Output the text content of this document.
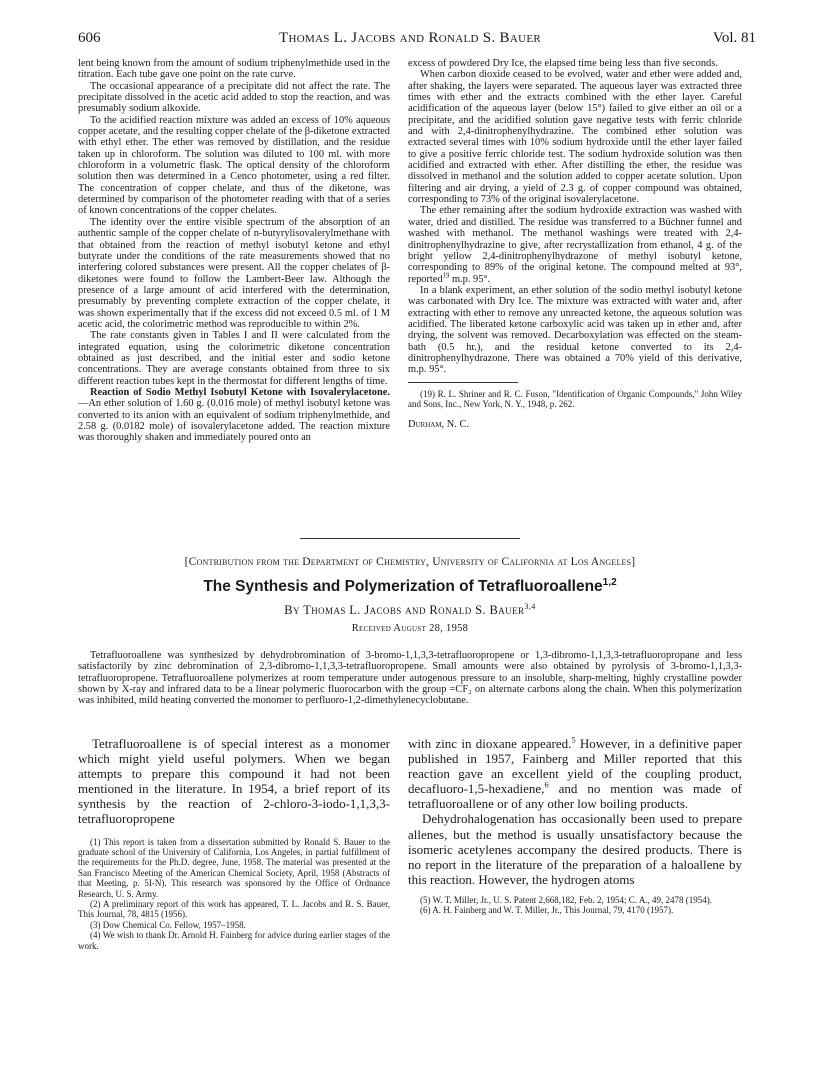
606	Thomas L. Jacobs and Ronald S. Bauer	Vol. 81

lent being known from the amount of sodium triphenylmethide used in the titration. Each tube gave one point on the rate curve.

The occasional appearance of a precipitate did not affect the rate. The precipitate dissolved in the acetic acid added to stop the reaction, and was presumably sodium alkoxide.

To the acidified reaction mixture was added an excess of 10% aqueous copper acetate, and the resulting copper chelate of the β-diketone extracted with ethyl ether. The ether was removed by distillation, and the residue taken up in chloroform. The solution was diluted to 100 ml. with more chloroform in a volumetric flask. The optical density of the chloroform solution then was determined in a Cenco photometer, using a red filter. The concentration of copper chelate, and thus of the diketone, was determined by comparison of the photometer reading with that of a series of known concentrations of the copper chelates.

The identity over the entire visible spectrum of the absorption of an authentic sample of the copper chelate of n-butyrylisovalerylmethane with that obtained from the reaction of methyl isobutyl ketone and ethyl butyrate under the conditions of the rate measurements showed that no interfering colored substances were present. All the copper chelates of β-diketones were found to follow the Lambert-Beer law. Although the presence of a large amount of acid interfered with the determination, presumably by preventing complete extraction of the copper chelate, it was shown experimentally that if the excess did not exceed 0.5 ml. of 1 M acetic acid, the colorimetric method was reproducible to within 2%.

The rate constants given in Tables I and II were calculated from the integrated equation, using the colorimetric diketone concentration obtained as just described, and the initial ester and sodio ketone concentrations. They are average constants obtained from three to six different reaction tubes kept in the thermostat for different lengths of time.

Reaction of Sodio Methyl Isobutyl Ketone with Isovalerylacetone.—An ether solution of 1.60 g. (0.016 mole) of methyl isobutyl ketone was converted to its anion with an equivalent of sodium triphenylmethide, and 2.58 g. (0.0182 mole) of isovalerylacetone added. The reaction mixture was thoroughly shaken and immediately poured onto an

excess of powdered Dry Ice, the elapsed time being less than five seconds.

When carbon dioxide ceased to be evolved, water and ether were added and, after shaking, the layers were separated. The aqueous layer was extracted three times with ether and the extracts combined with the ether layer. Careful acidification of the aqueous layer (below 15°) failed to give either an oil or a precipitate, and the acidified solution gave negative tests with ferric chloride and with 2,4-dinitrophenylhydrazine. The combined ether solution was extracted several times with 10% sodium hydroxide until the ether layer failed to give a positive ferric chloride test. The sodium hydroxide solution was then acidified and extracted with ether. After distilling the ether, the residue was dissolved in methanol and the solution added to copper acetate solution. Upon filtering and air drying, a yield of 2.3 g. of copper compound was obtained, corresponding to 73% of the original isovalerylacetone.

The ether remaining after the sodium hydroxide extraction was washed with water, dried and distilled. The residue was transferred to a Büchner funnel and washed with methanol. The methanol washings were treated with 2,4-dinitrophenylhydrazine to give, after recrystallization from ethanol, 4 g. of the bright yellow 2,4-dinitrophenylhydrazone of methyl isobutyl ketone, corresponding to 89% of the original ketone. The compound melted at 93°, reported$^{19}$ m.p. 95°.

In a blank experiment, an ether solution of the sodio methyl isobutyl ketone was carbonated with Dry Ice. The mixture was extracted with water and, after extracting with ether to remove any unreacted ketone, the aqueous solution was acidified. The liberated ketone carboxylic acid was taken up in ether and, after drying, the solvent was removed. Decarboxylation was effected on the steam-bath (0.5 hr.), and the residual ketone converted to its 2,4-dinitrophenylhydrazone. There was obtained a 70% yield of this derivative, m.p. 95°.

(19) R. L. Shriner and R. C. Fuson, "Identification of Organic Compounds," John Wiley and Sons, Inc., New York, N. Y., 1948, p. 262.

Durham, N. C.

[Contribution from the Department of Chemistry, University of California at Los Angeles]
The Synthesis and Polymerization of Tetrafluoroallene$^{1,2}$
By Thomas L. Jacobs and Ronald S. Bauer$^{3,4}$
Received August 28, 1958

Tetrafluoroallene was synthesized by dehydrobromination of 3-bromo-1,1,3,3-tetrafluoropropene or 1,3-dibromo-1,1,3,3-tetrafluoropropane and less satisfactorily by zinc debromination of 2,3-dibromo-1,1,3,3-tetrafluoropropene. Small amounts were also obtained by pyrolysis of 3-bromo-1,1,3,3-tetrafluoropropene. Tetrafluoroallene polymerizes at room temperature under autogenous pressure to an insoluble, sharp-melting, highly crystalline powder shown by X-ray and infrared data to be a linear polymeric fluorocarbon with the group =CF₂ on alternate carbons along the chain. When this polymerization was inhibited, mild heating converted the monomer to perfluoro-1,2-dimethylenecyclobutane.

Tetrafluoroallene is of special interest as a monomer which might yield useful polymers. When we began attempts to prepare this compound it had not been mentioned in the literature. In 1954, a brief report of its synthesis by the reaction of 2-chloro-3-iodo-1,1,3,3-tetrafluoropropene

(1) This report is taken from a dissertation submitted by Ronald S. Bauer to the graduate school of the University of California, Los Angeles, in partial fulfillment of the requirements for the Ph.D. degree, June, 1958. The material was presented at the San Francisco Meeting of the American Chemical Society, April, 1958 (Abstracts of that Meeting, p. 5I-N). This research was sponsored by the Office of Ordnance Research, U. S. Army.

(2) A preliminary report of this work has appeared, T. L. Jacobs and R. S. Bauer, This Journal, 78, 4815 (1956).

(3) Dow Chemical Co. Fellow, 1957–1958.

(4) We wish to thank Dr. Arnold H. Fainberg for advice during earlier stages of the work.

with zinc in dioxane appeared.$^5$ However, in a definitive paper published in 1957, Fainberg and Miller reported that this reaction gave an excellent yield of the coupling product, decafluoro-1,5-hexadiene,$^6$ and no mention was made of tetrafluoroallene or of any other low boiling products.

Dehydrohalogenation has occasionally been used to prepare allenes, but the method is usually unsatisfactory because the isomeric acetylenes accompany the desired products. There is no report in the literature of the preparation of a haloallene by this reaction. However, the hydrogen atoms

(5) W. T. Miller, Jr., U. S. Patent 2,668,182, Feb. 2, 1954; C. A., 49, 2478 (1954).

(6) A. H. Fainberg and W. T. Miller, Jr., This Journal, 79, 4170 (1957).
